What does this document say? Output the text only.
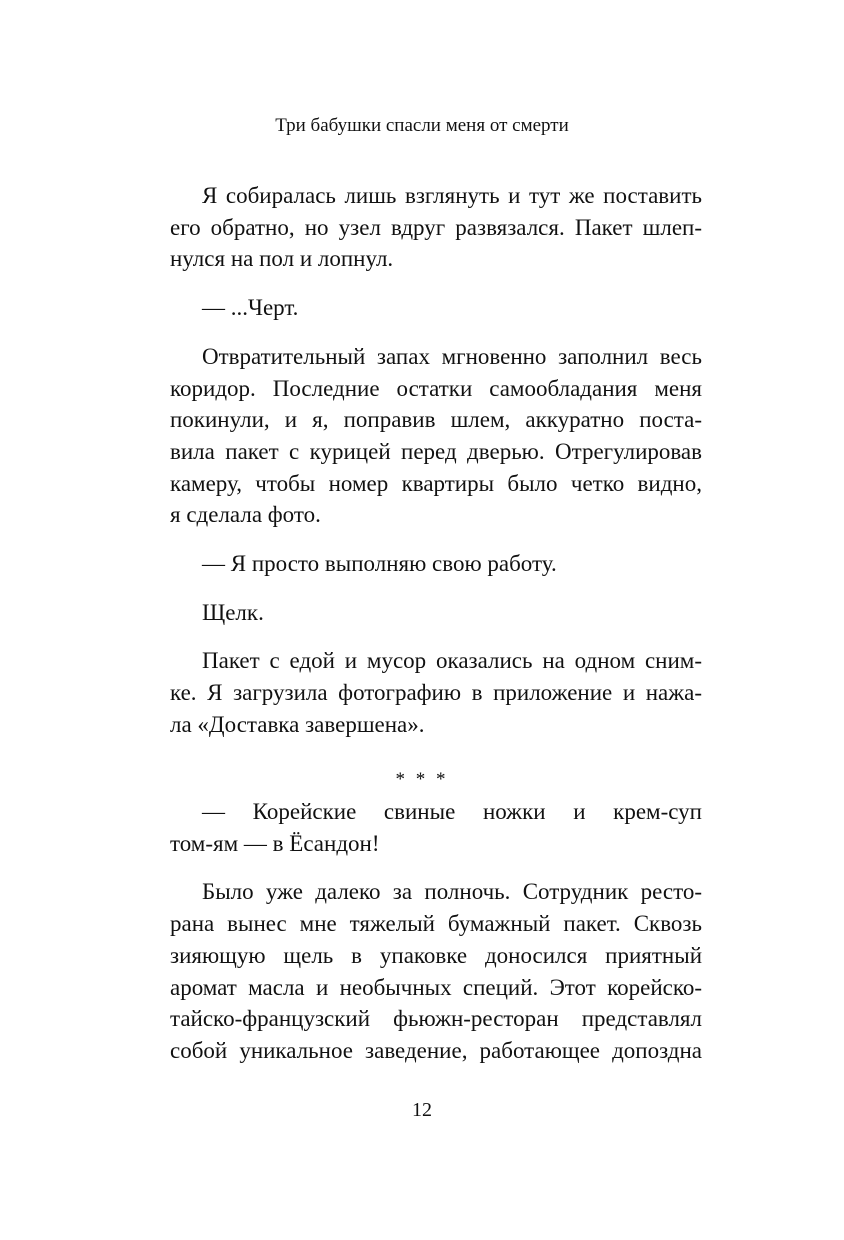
Три бабушки спасли меня от смерти

Я собиралась лишь взглянуть и тут же поставить
его обратно, но узел вдруг развязался. Пакет шлеп-
нулся на пол и лопнул.

— ...Черт.

Отвратительный запах мгновенно заполнил весь
коридор. Последние остатки самообладания меня
покинули, и я, поправив шлем, аккуратно поста-
вила пакет с курицей перед дверью. Отрегулировав
камеру, чтобы номер квартиры было четко видно,
я сделала фото.

— Я просто выполняю свою работу.

Щелк.

Пакет с едой и мусор оказались на одном сним-
ке. Я загрузила фотографию в приложение и нажа-
ла «Доставка завершена».

* * *

— Корейские свиные ножки и крем-суп
том-ям — в Ёсандон!

Было уже далеко за полночь. Сотрудник ресто-
рана вынес мне тяжелый бумажный пакет. Сквозь
зияющую щель в упаковке доносился приятный
аромат масла и необычных специй. Этот корейско-
тайско-французский фьюжн-ресторан представлял
собой уникальное заведение, работающее допоздна

12
